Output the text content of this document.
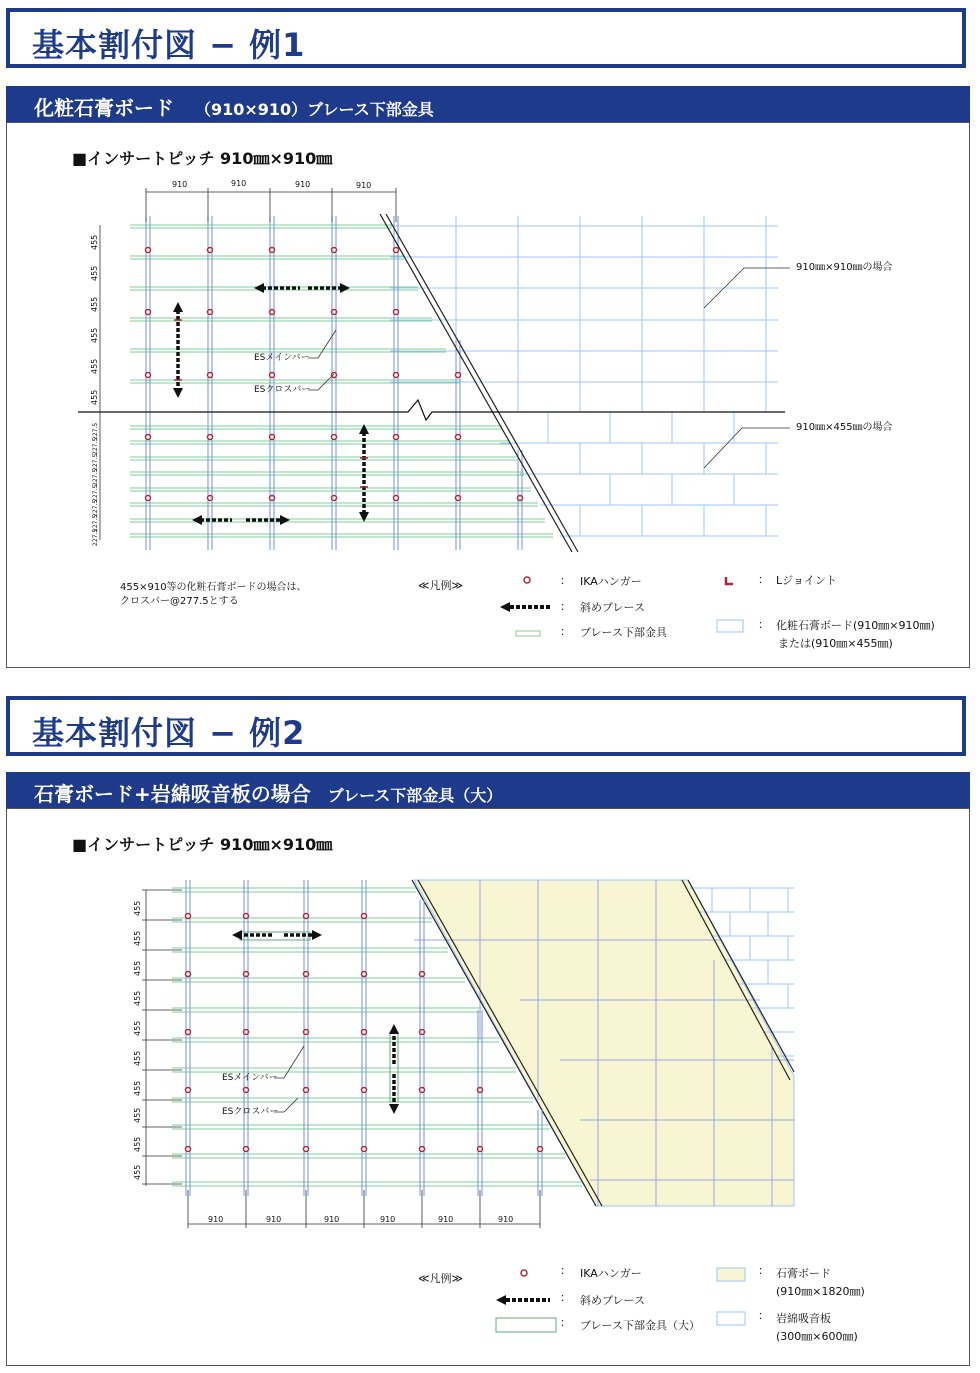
基本割付図 − 例1
化粧石膏ボード （910×910）ブレース下部金具
■インサートピッチ 910㎜×910㎜
910	910	910	910
455
455
455
455
455
455
227.5
227.5
227.5
227.5
227.5
227.5
227.5
227.5
ESメインバー
ESクロスバー
910㎜×910㎜の場合
910㎜×455㎜の場合
455×910等の化粧石膏ボードの場合は、
クロスバー@277.5とする
≪凡例≫	： IKAハンガー
： 斜めブレース
： ブレース下部金具
： Lジョイント
： 化粧石膏ボード(910㎜×910㎜)
または(910㎜×455㎜)
基本割付図 − 例2
石膏ボード+岩綿吸音板の場合 ブレース下部金具（大）
■インサートピッチ 910㎜×910㎜
455
455
455
455
455
455
455
455
455
455
910	910	910	910	910	910
ESメインバー
ESクロスバー
≪凡例≫
： IKAハンガー
： 斜めブレース
： ブレース下部金具（大）
： 石膏ボード
(910㎜×1820㎜)
： 岩綿吸音板
(300㎜×600㎜)
